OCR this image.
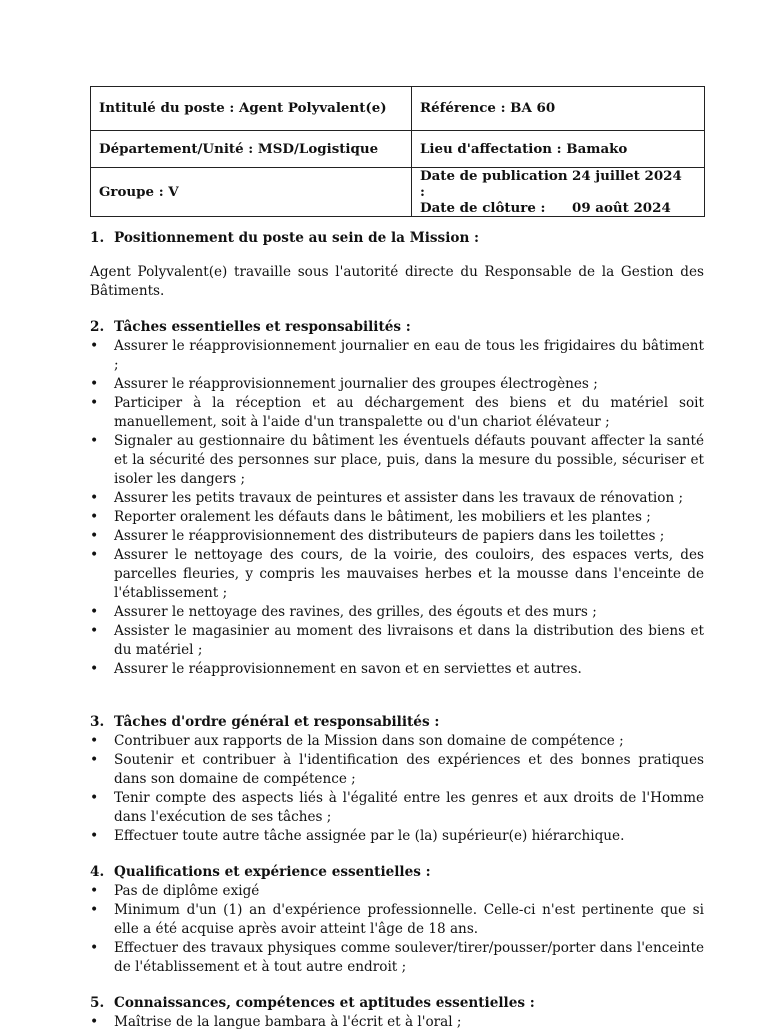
Intitulé du poste : Agent Polyvalent(e)	Référence : BA 60
Département/Unité : MSD/Logistique	Lieu d'affectation : Bamako
Groupe : V	Date de publication :
24 juillet 2024
Date de clôture : 09 août 2024
1. Positionnement du poste au sein de la Mission :

Agent Polyvalent(e) travaille sous l'autorité directe du Responsable de la Gestion des Bâtiments.

2. Tâches essentielles et responsabilités :
• Assurer le réapprovisionnement journalier en eau de tous les frigidaires du bâtiment ;
• Assurer le réapprovisionnement journalier des groupes électrogènes ;
• Participer à la réception et au déchargement des biens et du matériel soit manuellement, soit à l'aide d'un transpalette ou d'un chariot élévateur ;
• Signaler au gestionnaire du bâtiment les éventuels défauts pouvant affecter la santé et la sécurité des personnes sur place, puis, dans la mesure du possible, sécuriser et isoler les dangers ;
• Assurer les petits travaux de peintures et assister dans les travaux de rénovation ;
• Reporter oralement les défauts dans le bâtiment, les mobiliers et les plantes ;
• Assurer le réapprovisionnement des distributeurs de papiers dans les toilettes ;
• Assurer le nettoyage des cours, de la voirie, des couloirs, des espaces verts, des parcelles fleuries, y compris les mauvaises herbes et la mousse dans l'enceinte de l'établissement ;
• Assurer le nettoyage des ravines, des grilles, des égouts et des murs ;
• Assister le magasinier au moment des livraisons et dans la distribution des biens et du matériel ;
• Assurer le réapprovisionnement en savon et en serviettes et autres.
3. Tâches d'ordre général et responsabilités :
• Contribuer aux rapports de la Mission dans son domaine de compétence ;
• Soutenir et contribuer à l'identification des expériences et des bonnes pratiques dans son domaine de compétence ;
• Tenir compte des aspects liés à l'égalité entre les genres et aux droits de l'Homme dans l'exécution de ses tâches ;
• Effectuer toute autre tâche assignée par le (la) supérieur(e) hiérarchique.
4. Qualifications et expérience essentielles :
• Pas de diplôme exigé
• Minimum d'un (1) an d'expérience professionnelle. Celle-ci n'est pertinente que si elle a été acquise après avoir atteint l'âge de 18 ans.
• Effectuer des travaux physiques comme soulever/tirer/pousser/porter dans l'enceinte de l'établissement et à tout autre endroit ;
5. Connaissances, compétences et aptitudes essentielles :
• Maîtrise de la langue bambara à l'écrit et à l'oral ;
